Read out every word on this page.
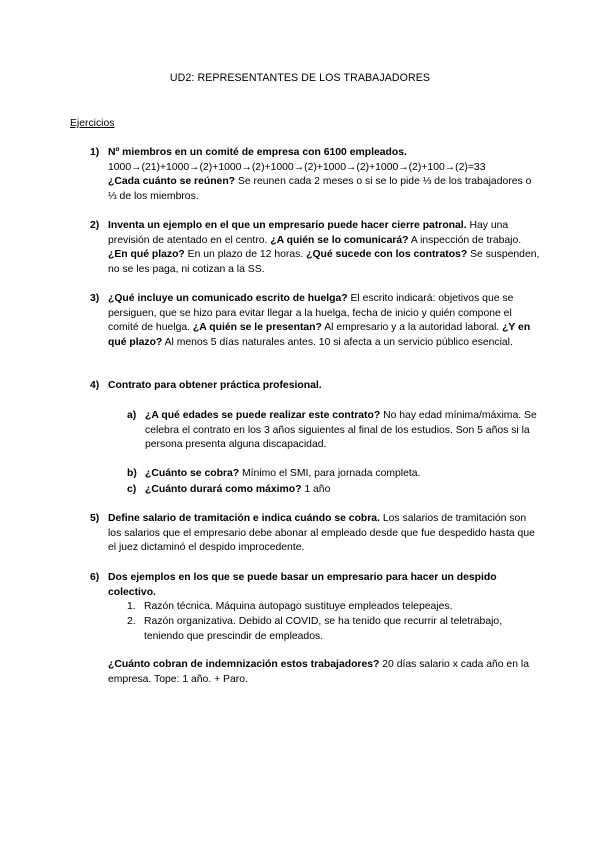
UD2: REPRESENTANTES DE LOS TRABAJADORES
Ejercicios
1) Nº miembros en un comité de empresa con 6100 empleados.

1000→(21)+1000→(2)+1000→(2)+1000→(2)+1000→(2)+1000→(2)+100→(2)=33

¿Cada cuánto se reúnen? Se reunen cada 2 meses o si se lo pide ⅓ de los trabajadores o ⅓ de los miembros.

2) Inventa un ejemplo en el que un empresario puede hacer cierre patronal. Hay una previsión de atentado en el centro. ¿A quién se lo comunicará? A inspección de trabajo. ¿En qué plazo? En un plazo de 12 horas. ¿Qué sucede con los contratos? Se suspenden, no se les paga, ni cotizan a la SS.

3) ¿Qué incluye un comunicado escrito de huelga? El escrito indicará: objetivos que se persiguen, que se hizo para evitar llegar a la huelga, fecha de inicio y quién compone el comité de huelga. ¿A quién se le presentan? Al empresario y a la autoridad laboral. ¿Y en qué plazo? Al menos 5 días naturales antes. 10 si afecta a un servicio público esencial.

4) Contrato para obtener práctica profesional.

a) ¿A qué edades se puede realizar este contrato? No hay edad mínima/máxima. Se celebra el contrato en los 3 años siguientes al final de los estudios. Son 5 años si la persona presenta alguna discapacidad.

b) ¿Cuánto se cobra? Mínimo el SMI, para jornada completa.

c) ¿Cuánto durará como máximo? 1 año

5) Define salario de tramitación e indica cuándo se cobra. Los salarios de tramitación son los salarios que el empresario debe abonar al empleado desde que fue despedido hasta que el juez dictaminó el despido improcedente.

6) Dos ejemplos en los que se puede basar un empresario para hacer un despido colectivo.

1. Razón técnica. Máquina autopago sustituye empleados telepeajes.

2. Razón organizativa. Debido al COVID, se ha tenido que recurrir al teletrabajo, teniendo que prescindir de empleados.

¿Cuánto cobran de indemnización estos trabajadores? 20 días salario x cada año en la empresa. Tope: 1 año. + Paro.
